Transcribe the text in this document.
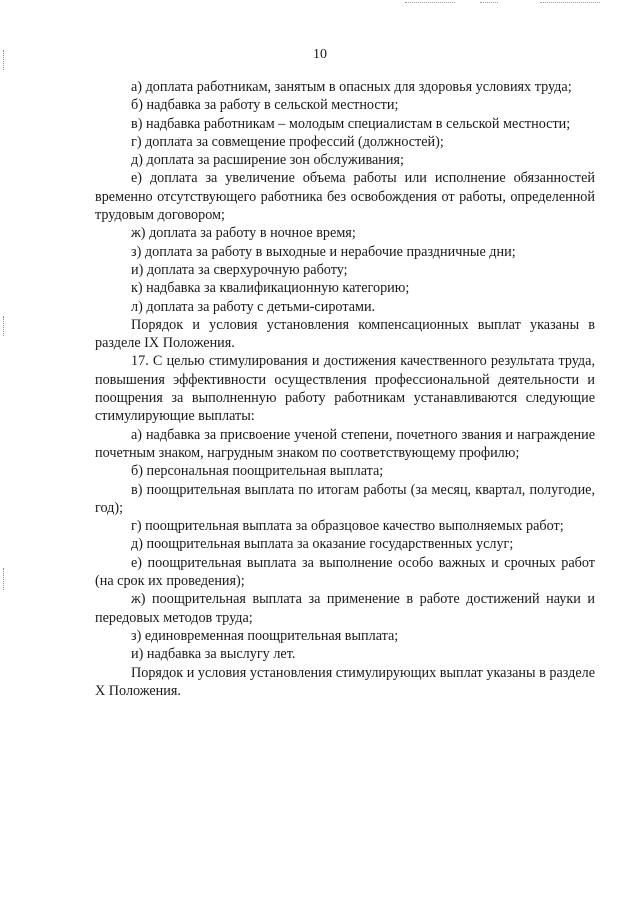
10

а) доплата работникам, занятым в опасных для здоровья условиях труда;

б) надбавка за работу в сельской местности;

в) надбавка работникам – молодым специалистам в сельской местности;

г) доплата за совмещение профессий (должностей);

д) доплата за расширение зон обслуживания;

е) доплата за увеличение объема работы или исполнение обязанностей временно отсутствующего работника без освобождения от работы, определенной трудовым договором;

ж) доплата за работу в ночное время;

з) доплата за работу в выходные и нерабочие праздничные дни;

и) доплата за сверхурочную работу;

к) надбавка за квалификационную категорию;

л) доплата за работу с детьми-сиротами.

Порядок и условия установления компенсационных выплат указаны в разделе IX Положения.

17. С целью стимулирования и достижения качественного результата труда, повышения эффективности осуществления профессиональной деятельности и поощрения за выполненную работу работникам устанавливаются следующие стимулирующие выплаты:

а) надбавка за присвоение ученой степени, почетного звания и награждение почетным знаком, нагрудным знаком по соответствующему профилю;

б) персональная поощрительная выплата;

в) поощрительная выплата по итогам работы (за месяц, квартал, полугодие, год);

г) поощрительная выплата за образцовое качество выполняемых работ;

д) поощрительная выплата за оказание государственных услуг;

е) поощрительная выплата за выполнение особо важных и срочных работ (на срок их проведения);

ж) поощрительная выплата за применение в работе достижений науки и передовых методов труда;

з) единовременная поощрительная выплата;

и) надбавка за выслугу лет.

Порядок и условия установления стимулирующих выплат указаны в разделе X Положения.
